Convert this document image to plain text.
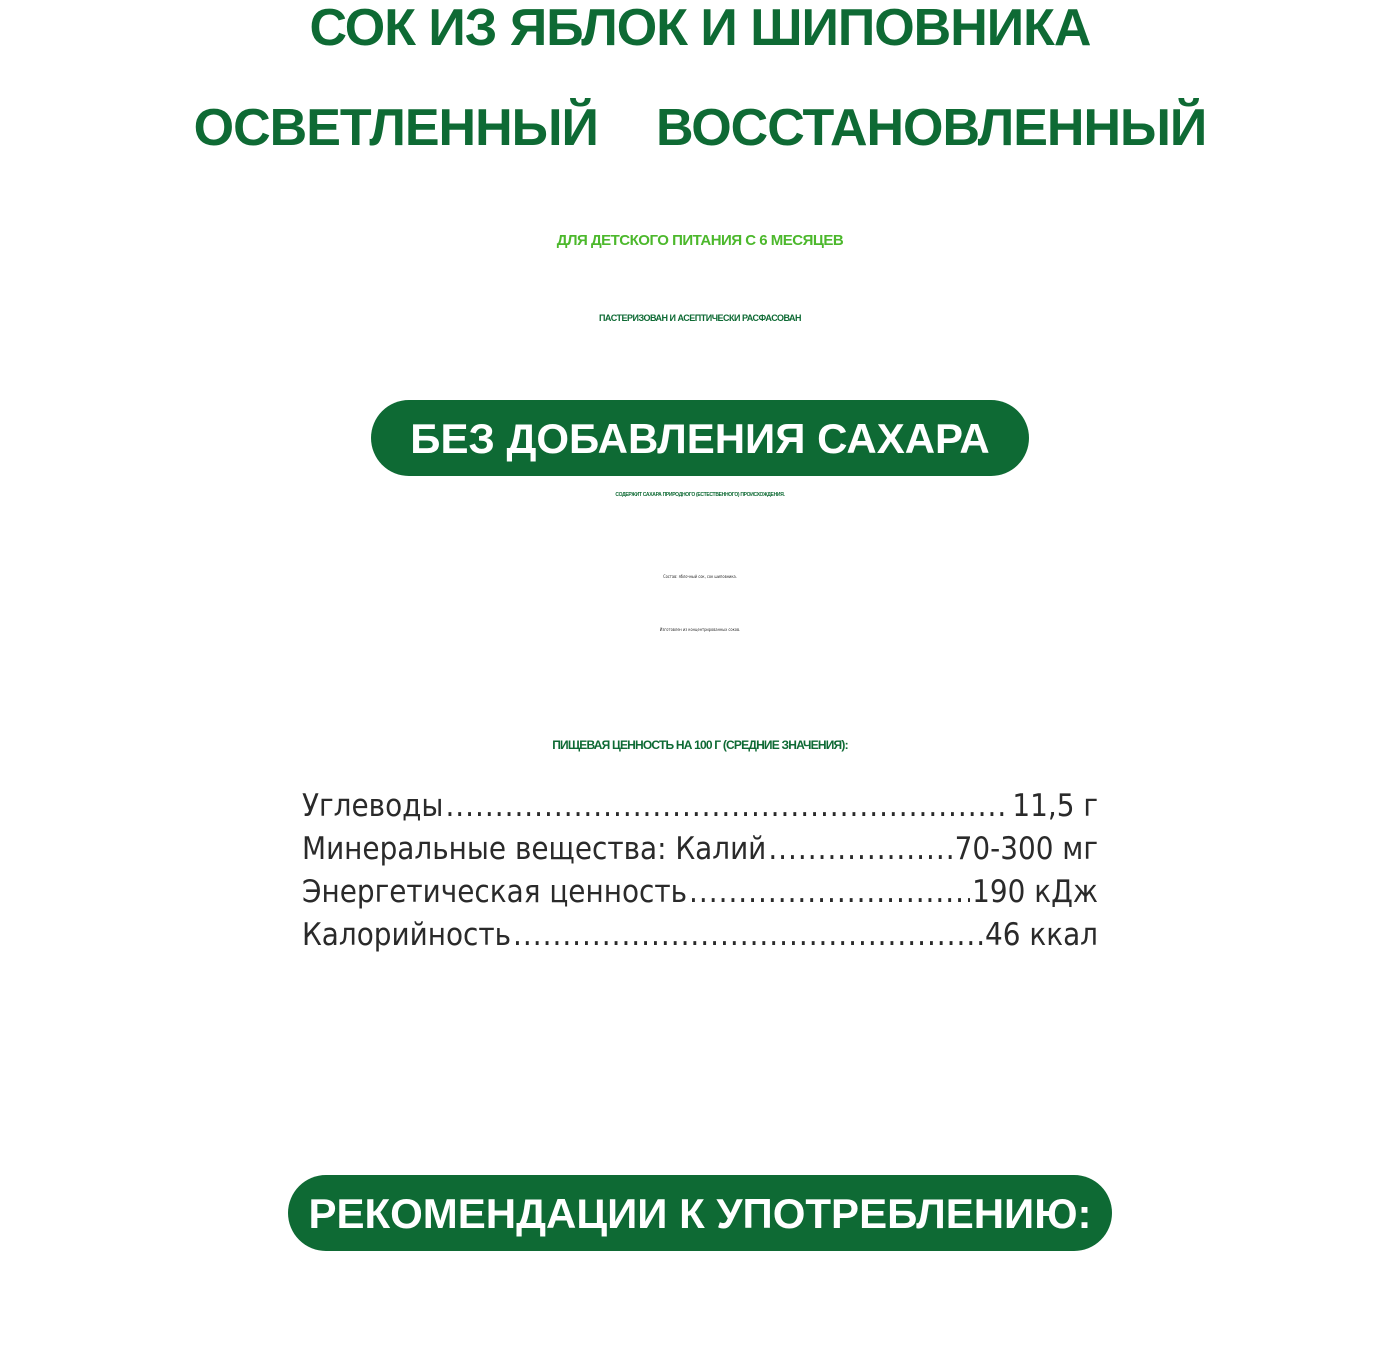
СОК ИЗ ЯБЛОК И ШИПОВНИКА
ОСВЕТЛЕННЫЙ ВОССТАНОВЛЕННЫЙ
ДЛЯ ДЕТСКОГО ПИТАНИЯ С 6 МЕСЯЦЕВ
ПАСТЕРИЗОВАН И АСЕПТИЧЕСКИ РАСФАСОВАН
БЕЗ ДОБАВЛЕНИЯ САХАРА
СОДЕРЖИТ САХАРА ПРИРОДНОГО (ЕСТЕСТВЕННОГО) ПРОИСХОЖДЕНИЯ.
Состав: яблочный сок, сок шиповника.
Изготовлен из концентрированных соков.
ПИЩЕВАЯ ЦЕННОСТЬ НА 100 Г (СРЕДНИЕ ЗНАЧЕНИЯ):
Углеводы .....	11,5 г
Минеральные вещества: Калий .....	70-300 мг
Энергетическая ценность .....	190 кДж
Калорийность .....	46 ккал
РЕКОМЕНДАЦИИ К УПОТРЕБЛЕНИЮ:
